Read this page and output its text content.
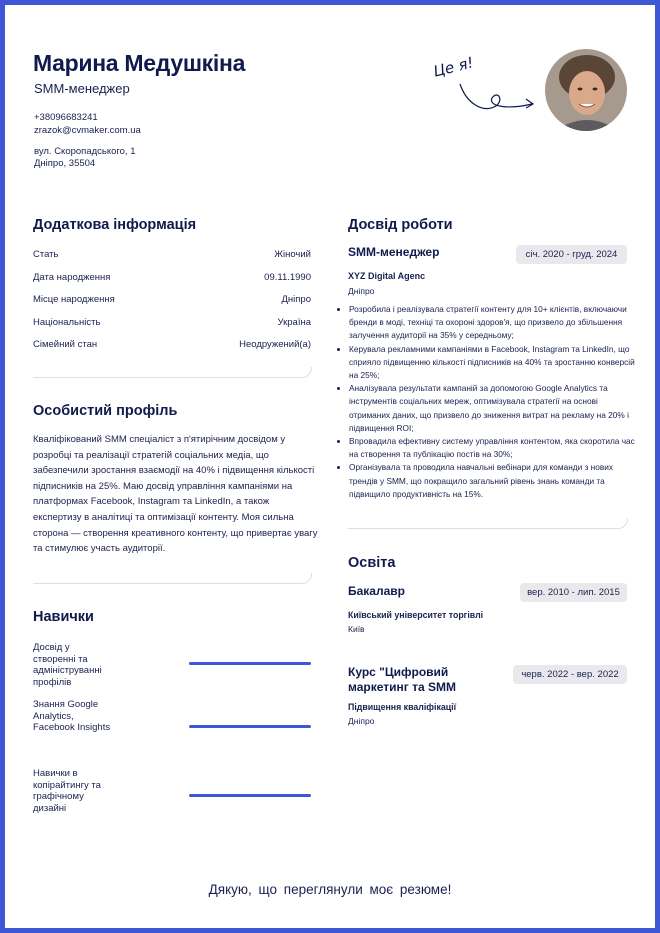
Марина Медушкіна
SMM-менеджер
+38096683241
zrazok@cvmaker.com.ua
вул. Скоропадського, 1
Дніпро, 35504
Це я!
Додаткова інформація
Стать	Жіночий
Дата народження	09.11.1990
Місце народження	Дніпро
Національність	Україна
Сімейний стан	Неодружений(а)
Особистий профіль
Кваліфікований SMM спеціаліст з п'ятирічним досвідом у
розробці та реалізації стратегій соціальних медіа, що
забезпечили зростання взаємодії на 40% і підвищення кількості
підписників на 25%. Маю досвід управління кампаніями на
платформах Facebook, Instagram та LinkedIn, а також
експертизу в аналітиці та оптимізації контенту. Моя сильна
сторона — створення креативного контенту, що привертає увагу
та стимулює участь аудиторії.
Навички
Досвід у створенні та адмініструванні профілів
Знання Google Analytics, Facebook Insights
Навички в копірайтингу та графічному дизайні
Досвід роботи
SMM-менеджер	січ. 2020 - груд. 2024
XYZ Digital Agenc
Дніпро
• Розробила і реалізувала стратегії контенту для 10+ клієнтів, включаючи бренди в моді, техніці та охороні здоров'я, що призвело до збільшення залучення аудиторії на 35% у середньому;
• Керувала рекламними кампаніями в Facebook, Instagram та LinkedIn, що сприяло підвищенню кількості підписників на 40% та зростанню конверсій на 25%;
• Аналізувала результати кампаній за допомогою Google Analytics та інструментів соціальних мереж, оптимізувала стратегії на основі отриманих даних, що призвело до зниження витрат на рекламу на 20% і підвищення ROI;
• Впровадила ефективну систему управління контентом, яка скоротила час на створення та публікацію постів на 30%;
• Організувала та проводила навчальні вебінари для команди з нових трендів у SMM, що покращило загальний рівень знань команди та підвищило продуктивність на 15%.
Освіта
Бакалавр	вер. 2010 - лип. 2015
Київський університет торгівлі
Київ
Курс "Цифровий маркетинг та SMM
черв. 2022 - вер. 2022
Підвищення кваліфікації
Дніпро
Дякую, що переглянули моє резюме!
